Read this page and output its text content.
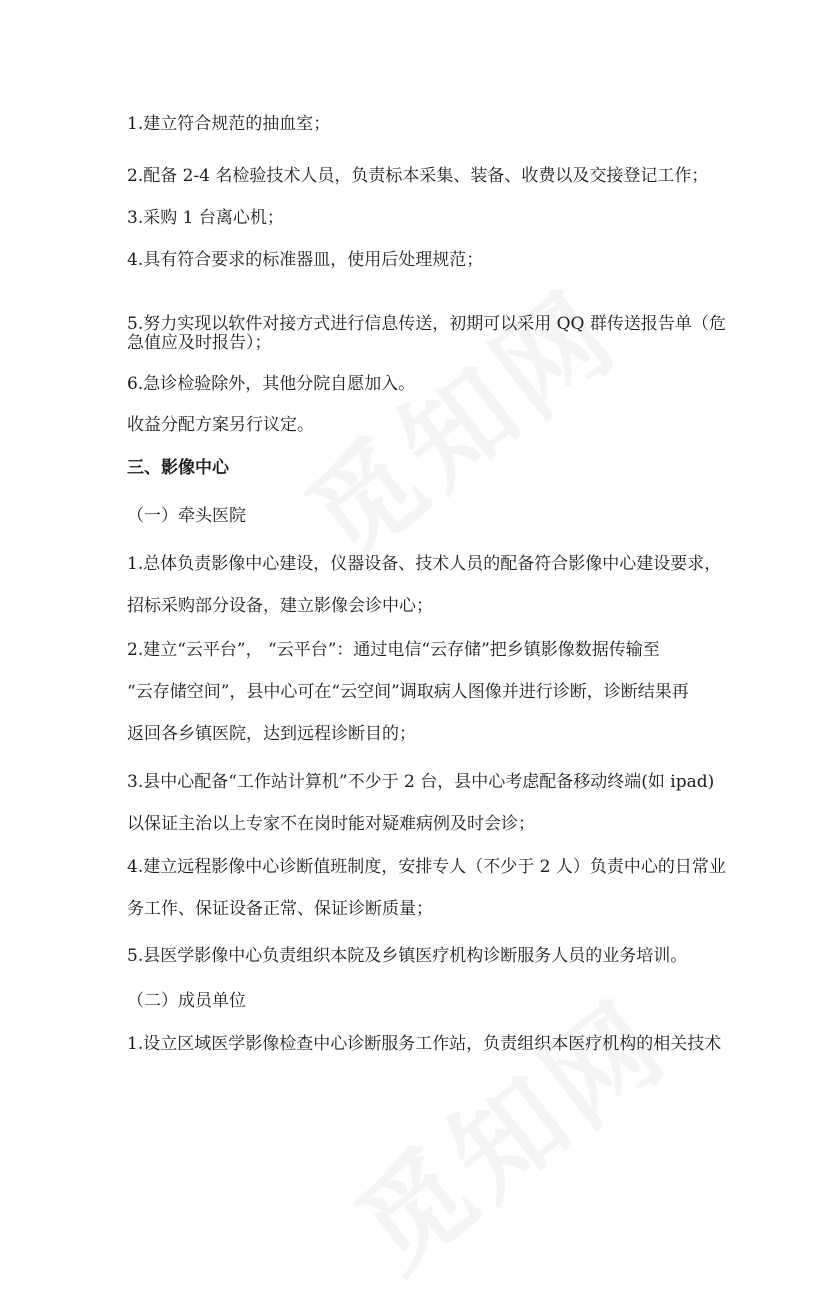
1.建立符合规范的抽血室；

2.配备 2-4 名检验技术人员，负责标本采集、装备、收费以及交接登记工作；

3.采购 1 台离心机；

4.具有符合要求的标准器皿，使用后处理规范；

5.努力实现以软件对接方式进行信息传送，初期可以采用 QQ 群传送报告单（危

急值应及时报告）；

6.急诊检验除外，其他分院自愿加入。

收益分配方案另行议定。

三、影像中心

（一）牵头医院

1.总体负责影像中心建设，仪器设备、技术人员的配备符合影像中心建设要求，

招标采购部分设备，建立影像会诊中心；

2.建立“云平台”， “云平台”：通过电信“云存储”把乡镇影像数据传输至

“云存储空间”，县中心可在“云空间”调取病人图像并进行诊断，诊断结果再

返回各乡镇医院，达到远程诊断目的；

3.县中心配备“工作站计算机”不少于 2 台，县中心考虑配备移动终端(如 ipad)

以保证主治以上专家不在岗时能对疑难病例及时会诊；

4.建立远程影像中心诊断值班制度，安排专人（不少于 2 人）负责中心的日常业

务工作、保证设备正常、保证诊断质量；

5.县医学影像中心负责组织本院及乡镇医疗机构诊断服务人员的业务培训。

（二）成员单位

1.设立区域医学影像检查中心诊断服务工作站，负责组织本医疗机构的相关技术
